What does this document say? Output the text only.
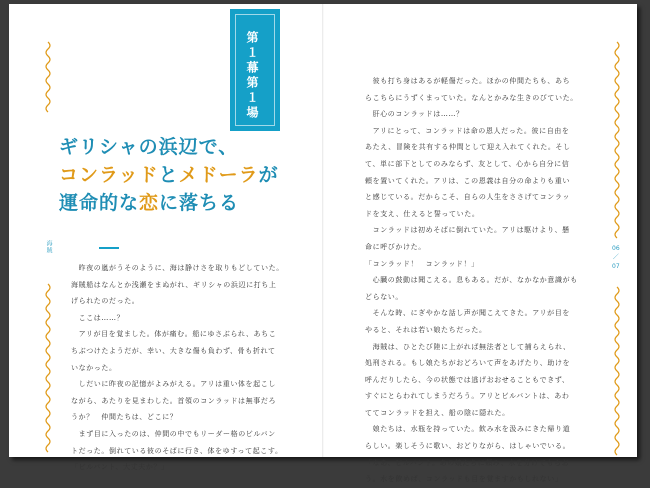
海賊
第１幕第１場
ギリシャの浜辺で、
コンラッドとメドーラが
運命的な恋に落ちる
　昨夜の嵐がうそのように、海は静けさを取りもどしていた。
海賊船はなんとか浅瀬をまぬがれ、ギリシャの浜辺に打ち上
げられたのだった。
　ここは……？
　アリが目を覚ました。体が痛む。船にゆさぶられ、あちこ
ちぶつけたようだが、幸い、大きな傷も負わず、骨も折れて
いなかった。
　しだいに昨夜の記憶がよみがえる。アリは重い体を起こし
ながら、あたりを見まわした。首領のコンラッドは無事だろ
うか？　仲間たちは、どこに？
　まず目に入ったのは、仲間の中でもリーダー格のビルバン
トだった。倒れている彼のそばに行き、体をゆすって起こす。
「ビルバント、大丈夫か？」
　彼も打ち身はあるが軽傷だった。ほかの仲間たちも、あち
らこちらにうずくまっていた。なんとかみな生きのびていた。
　肝心のコンラッドは……？
　アリにとって、コンラッドは命の恩人だった。彼に自由を
あたえ、冒険を共有する仲間として迎え入れてくれた。そし
て、単に部下としてのみならず、友として、心から自分に信
頼を置いてくれた。アリは、この恩義は自分の命よりも重い
と感じている。だからこそ、自らの人生をささげてコンラッ
ドを支え、仕えると誓っていた。
　コンラッドは初めそばに倒れていた。アリは駆けより、懸
命に呼びかけた。
「コンラッド！　コンラッド！」
　心臓の鼓動は聞こえる。息もある。だが、なかなか意識がも
どらない。
　そんな時、にぎやかな話し声が聞こえてきた。アリが目を
やると、それは若い娘たちだった。
　海賊は、ひとたび陸に上がれば無法者として捕らえられ、
処刑される。もし娘たちがおどろいて声をあげたり、助けを
呼んだりしたら、今の状態では逃げおおせることもできず、
すぐにとらわれてしまうだろう。アリとビルバントは、あわ
ててコンラッドを担え、船の陰に隠れた。
　娘たちは、水瓶を持っていた。飲み水を汲みにきた帰り道
らしい。楽しそうに歌い、おどりながら、はしゃいでいる。
「なあ、ビルバント。あの娘たちに頼み、水を分けてもらお
う。水を飲めば、コンラッドも目を覚ますかもしれない」
06
／
07
